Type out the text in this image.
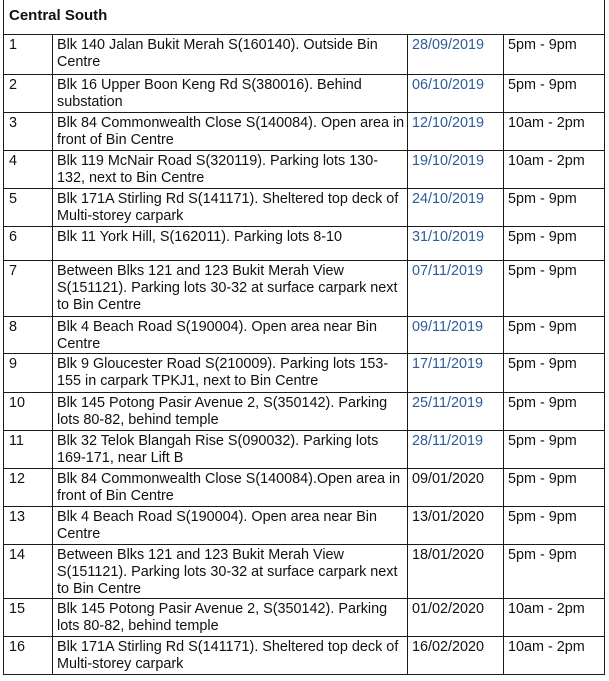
Central South			
1	Blk 140 Jalan Bukit Merah S(160140). Outside Bin Centre	28/09/2019	5pm - 9pm
2	Blk 16 Upper Boon Keng Rd S(380016). Behind substation	06/10/2019	5pm - 9pm
3	Blk 84 Commonwealth Close S(140084). Open area in front of Bin Centre	12/10/2019	10am - 2pm
4	Blk 119 McNair Road S(320119). Parking lots 130-132, next to Bin Centre	19/10/2019	10am - 2pm
5	Blk 171A Stirling Rd S(141171). Sheltered top deck of Multi-storey carpark	24/10/2019	5pm - 9pm
6	Blk 11 York Hill, S(162011). Parking lots 8-10	31/10/2019	5pm - 9pm
7	Between Blks 121 and 123 Bukit Merah View S(151121). Parking lots 30-32 at surface carpark next to Bin Centre	07/11/2019	5pm - 9pm
8	Blk 4 Beach Road S(190004). Open area near Bin Centre	09/11/2019	5pm - 9pm
9	Blk 9 Gloucester Road S(210009). Parking lots 153-155 in carpark TPKJ1, next to Bin Centre	17/11/2019	5pm - 9pm
10	Blk 145 Potong Pasir Avenue 2, S(350142). Parking lots 80-82, behind temple	25/11/2019	5pm - 9pm
11	Blk 32 Telok Blangah Rise S(090032). Parking lots 169-171, near Lift B	28/11/2019	5pm - 9pm
12	Blk 84 Commonwealth Close S(140084).Open area in front of Bin Centre	09/01/2020	5pm - 9pm
13	Blk 4 Beach Road S(190004). Open area near Bin Centre	13/01/2020	5pm - 9pm
14	Between Blks 121 and 123 Bukit Merah View S(151121). Parking lots 30-32 at surface carpark next to Bin Centre	18/01/2020	5pm - 9pm
15	Blk 145 Potong Pasir Avenue 2, S(350142). Parking lots 80-82, behind temple	01/02/2020	10am - 2pm
16	Blk 171A Stirling Rd S(141171). Sheltered top deck of Multi-storey carpark	16/02/2020	10am - 2pm
